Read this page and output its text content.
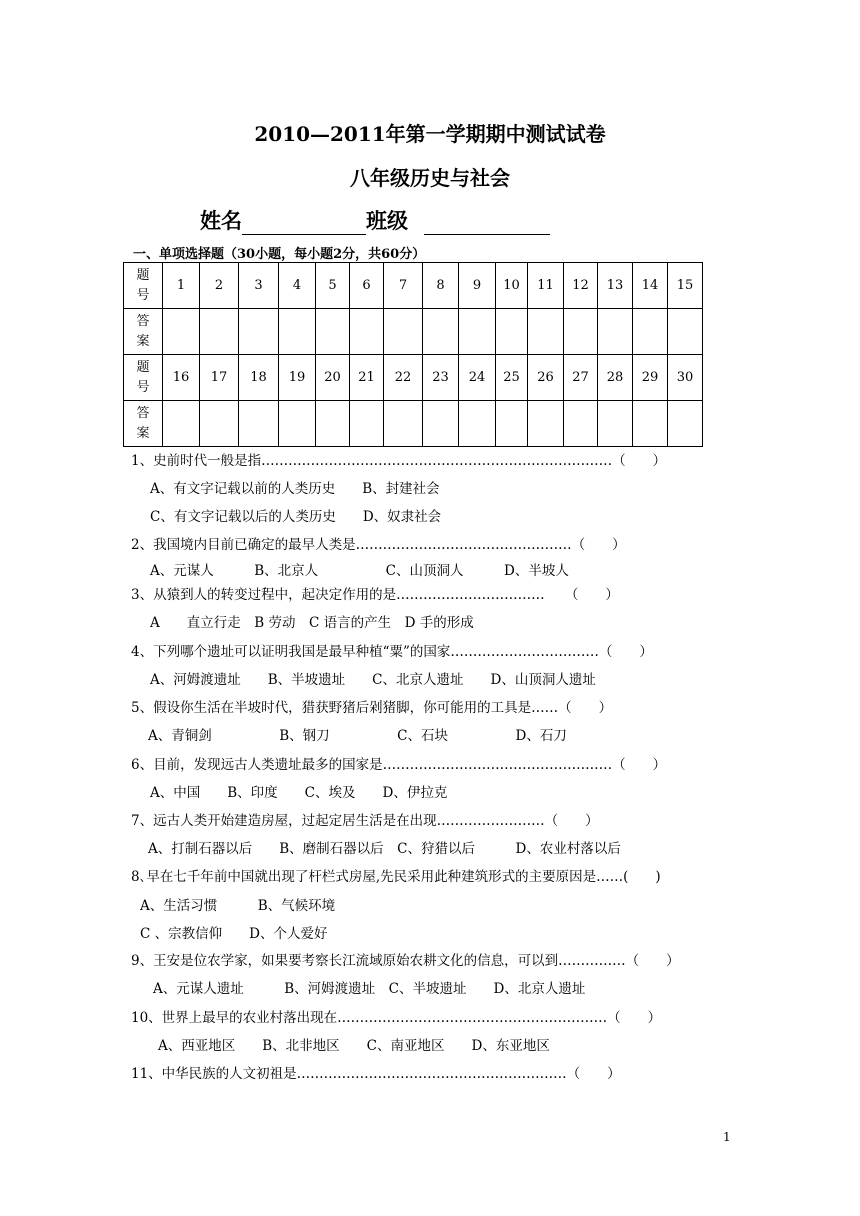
2010—2011年第一学期期中测试试卷
八年级历史与社会
姓名	班级
一、单项选择题（30小题，每小题2分，共60分）
题
号	1	2	3	4	5	6	7	8	9	10	11	12	13	14	15

答
案															

题
号	16	17	18	19	20	21	22	23	24	25	26	27	28	29	30

答
案															

1、史前时代一般是指……………………………………………………………………（　　）
A、有文字记载以前的人类历史　　B、封建社会
C、有文字记载以后的人类历史　　D、奴隶社会
2、我国境内目前已确定的最早人类是…………………………………………（　　）
A、元谋人　　　B、北京人　　　　　C、山顶洞人　　　D、半坡人
3、从猿到人的转变过程中，起决定作用的是……………………………　　（　　）
A　　直立行走　B 劳动　C 语言的产生　D 手的形成
4、下列哪个遗址可以证明我国是最早种植“粟”的国家……………………………（　　）
A、河姆渡遗址　　B、半坡遗址　　C、北京人遗址　　D、山顶洞人遗址
5、假设你生活在半坡时代，猎获野猪后剁猪脚，你可能用的工具是……（　　）
A、青铜剑　　　　　B、钢刀　　　　　C、石块　　　　　D、石刀
6、目前，发现远古人类遗址最多的国家是……………………………………………（　　）
A、中国　　B、印度　　C、埃及　　D、伊拉克
7、远古人类开始建造房屋，过起定居生活是在出现……………………（　　）
A、打制石器以后　　B、磨制石器以后　C、狩猎以后　　　D、农业村落以后
8､早在七千年前中国就出现了杆栏式房屋,先民采用此种建筑形式的主要原因是……(　　)
A、生活习惯　　　B、气候环境
C 、宗教信仰　　D、个人爱好
9、王安是位农学家，如果要考察长江流域原始农耕文化的信息，可以到……………（　　）
A、元谋人遗址　　　B、河姆渡遗址　C、半坡遗址　　D、北京人遗址
10、世界上最早的农业村落出现在……………………………………………………（　　）
A、西亚地区　　B、北非地区　　C、南亚地区　　D、东亚地区
11、中华民族的人文初祖是……………………………………………………（　　）
1
